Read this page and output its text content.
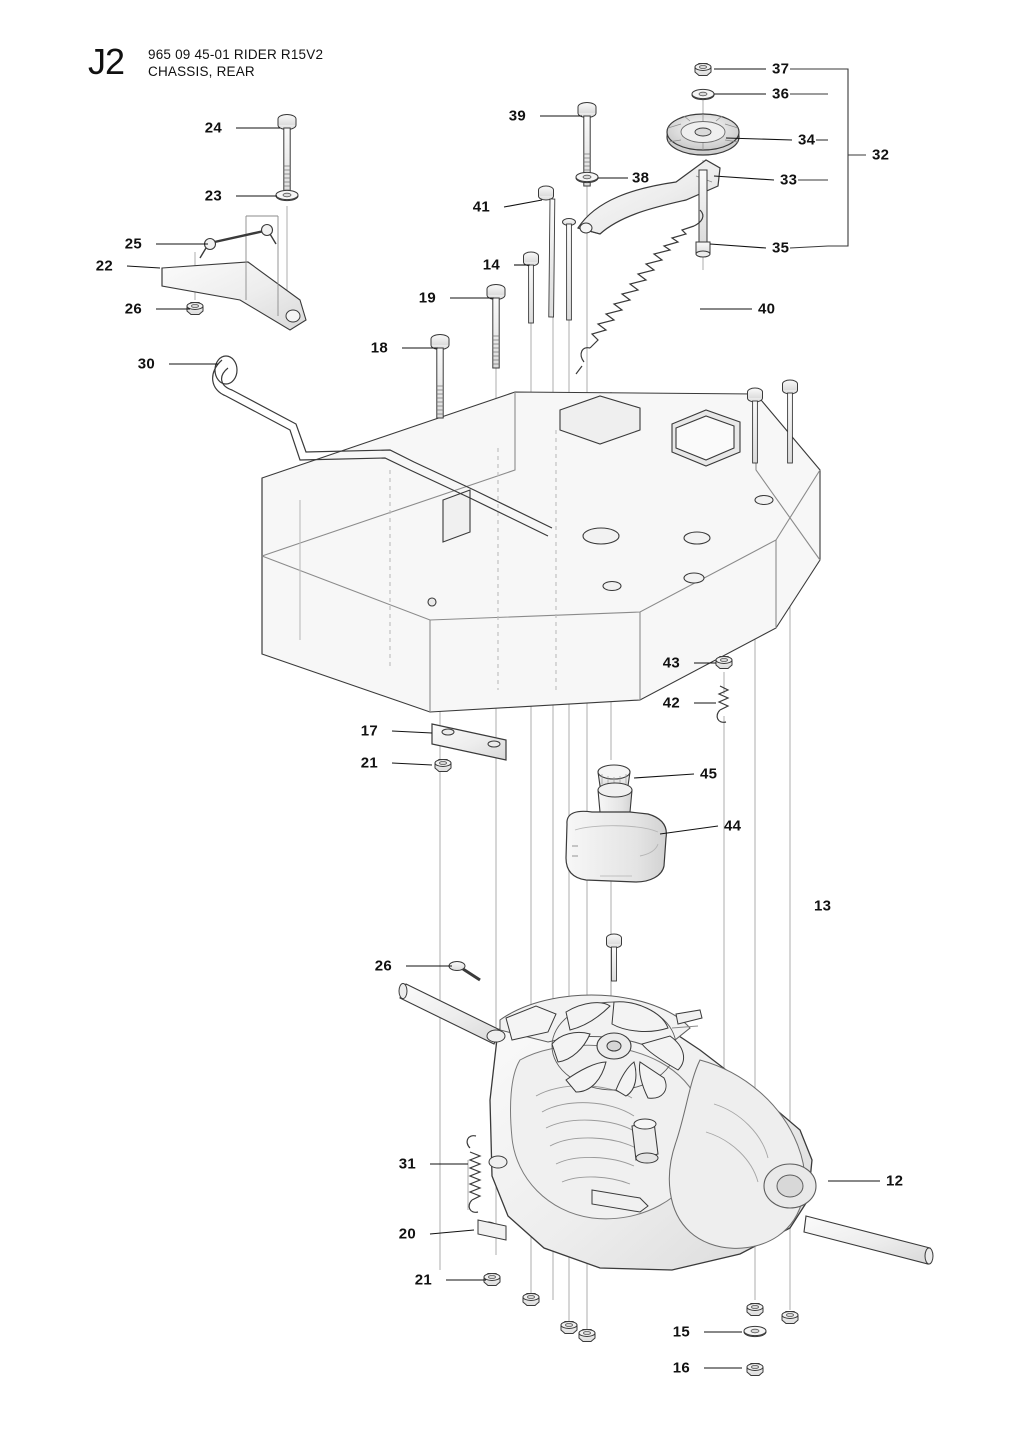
J2 965 09 45-01 RIDER R15V2
CHASSIS, REAR
24
23
25
22
26
30
18
19
14
41
39
38
37
36
34
33
35
32
40
43
42
17
21
45
44
13
26
31
20
21
12
15
16
